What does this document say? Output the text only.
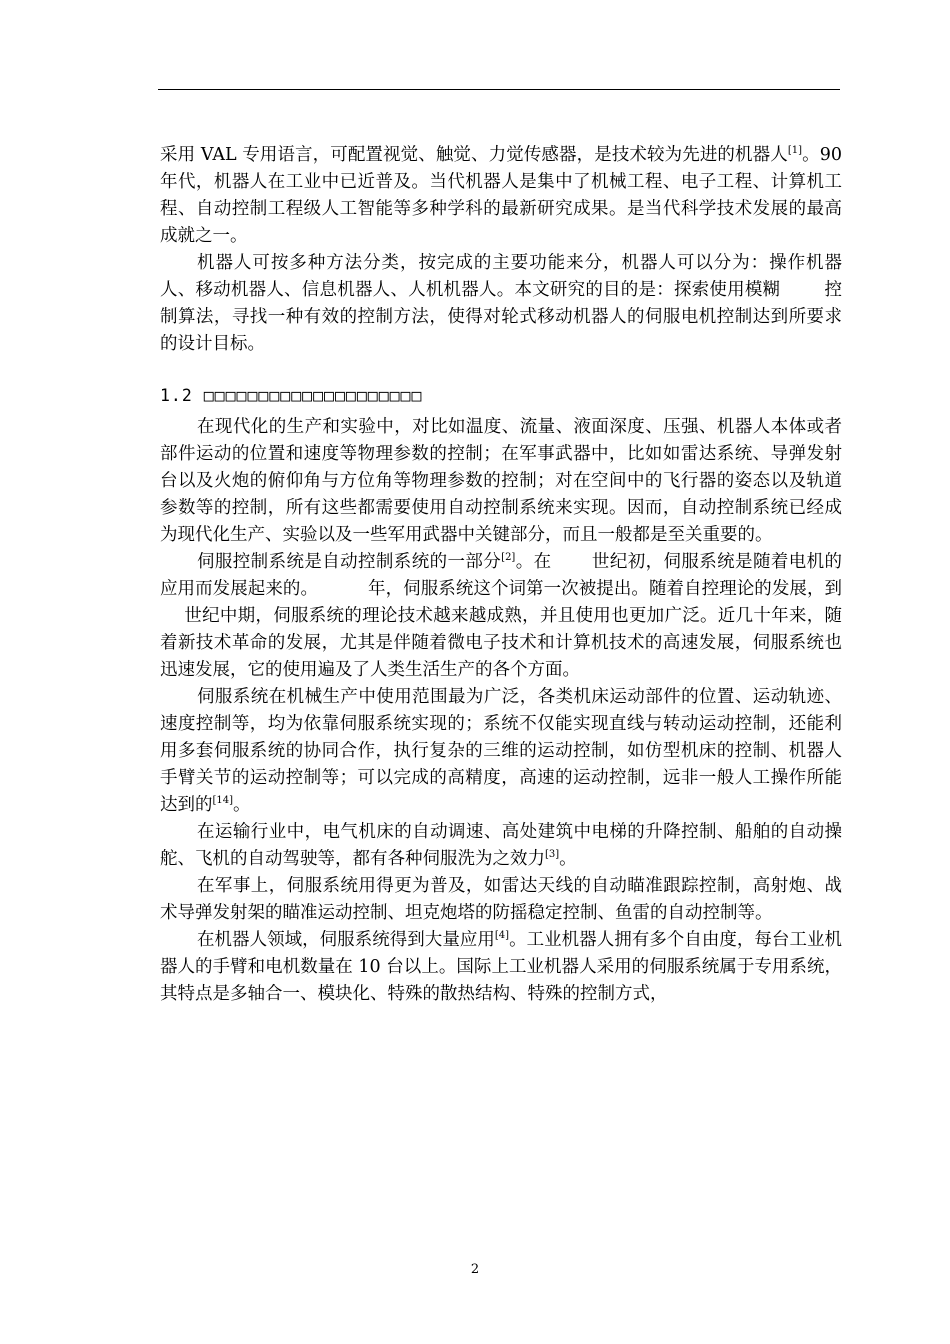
采用 VAL 专用语言，可配置视觉、触觉、力觉传感器，是技术较为先进的机器人[1]。90 年代，机器人在工业中已近普及。当代机器人是集中了机械工程、电子工程、计算机工程、自动控制工程级人工智能等多种学科的最新研究成果。是当代科学技术发展的最高成就之一。

机器人可按多种方法分类，按完成的主要功能来分，机器人可以分为：操作机器人、移动机器人、信息机器人、人机机器人。本文研究的目的是：探索使用模糊	控制算法，寻找一种有效的控制方法，使得对轮式移动机器人的伺服电机控制达到所要求的设计目标。

1.2 □□□□□□□□□□□□□□□□□□□□

在现代化的生产和实验中，对比如温度、流量、液面深度、压强、机器人本体或者部件运动的位置和速度等物理参数的控制；在军事武器中，比如如雷达系统、导弹发射台以及火炮的俯仰角与方位角等物理参数的控制；对在空间中的飞行器的姿态以及轨道参数等的控制，所有这些都需要使用自动控制系统来实现。因而，自动控制系统已经成为现代化生产、实验以及一些军用武器中关键部分，而且一般都是至关重要的。

伺服控制系统是自动控制系统的一部分[2]。在 世纪初，伺服系统是随着电机的应用而发展起来的。	年，伺服系统这个词第一次被提出。随着自控理论的发展，到世纪中期，伺服系统的理论技术越来越成熟，并且使用也更加广泛。近几十年来，随着新技术革命的发展，尤其是伴随着微电子技术和计算机技术的高速发展，伺服系统也迅速发展，它的使用遍及了人类生活生产的各个方面。

伺服系统在机械生产中使用范围最为广泛，各类机床运动部件的位置、运动轨迹、速度控制等，均为依靠伺服系统实现的；系统不仅能实现直线与转动运动控制，还能利用多套伺服系统的协同合作，执行复杂的三维的运动控制，如仿型机床的控制、机器人手臂关节的运动控制等；可以完成的高精度，高速的运动控制，远非一般人工操作所能达到的[14]。

在运输行业中，电气机床的自动调速、高处建筑中电梯的升降控制、船舶的自动操舵、飞机的自动驾驶等，都有各种伺服洗为之效力[3]。

在军事上，伺服系统用得更为普及，如雷达天线的自动瞄准跟踪控制，高射炮、战术导弹发射架的瞄准运动控制、坦克炮塔的防摇稳定控制、鱼雷的自动控制等。

在机器人领域，伺服系统得到大量应用[4]。工业机器人拥有多个自由度，每台工业机器人的手臂和电机数量在 10 台以上。国际上工业机器人采用的伺服系统属于专用系统，其特点是多轴合一、模块化、特殊的散热结构、特殊的控制方式，

2
